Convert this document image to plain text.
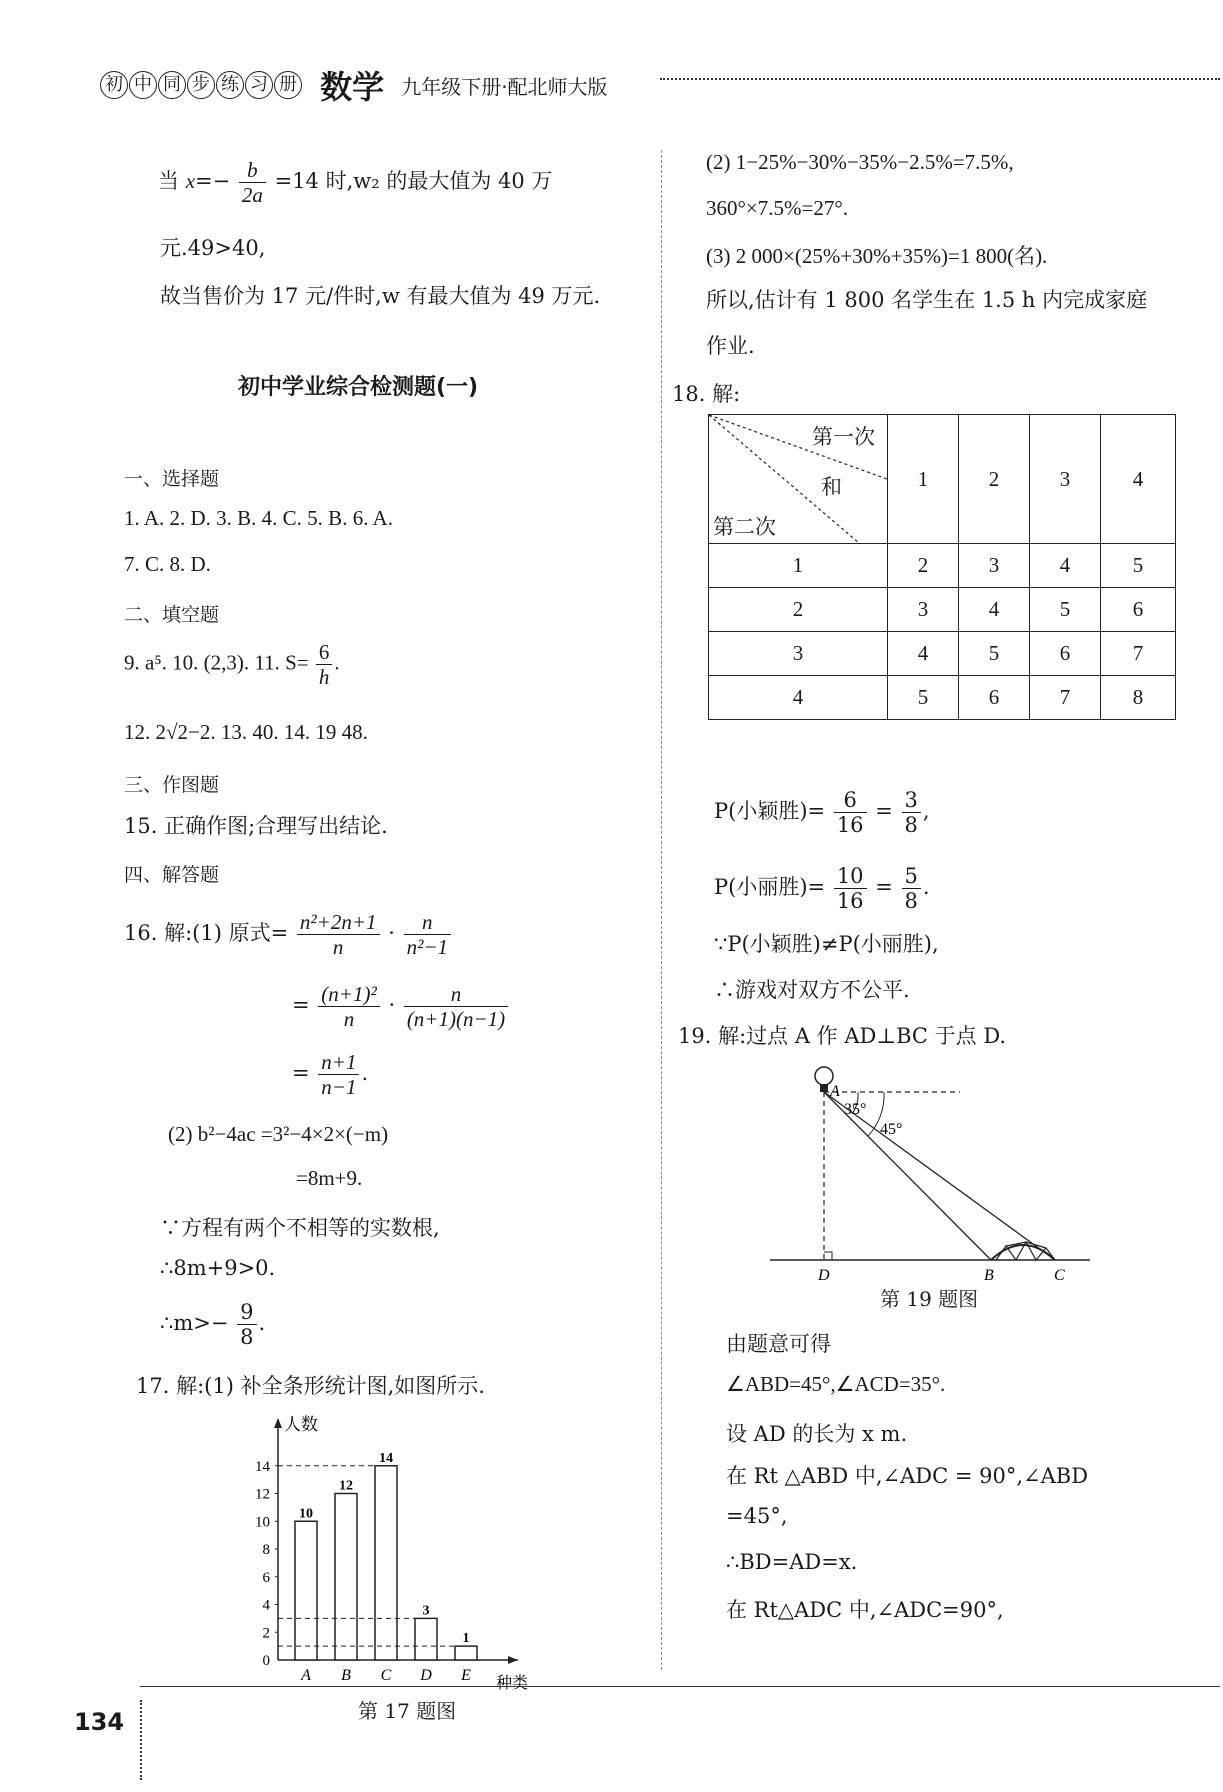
初 中 同 步 练 习 册 数学 九年级下册·配北师大版
当 $x=- \frac{b}{2a} =14$ 时,w₂ 的最大值为 40 万
元.49>40,
故当售价为 17 元/件时,w 有最大值为 49 万元.
初中学业综合检测题(一)
一、选择题
1. A. 2. D. 3. B. 4. C. 5. B. 6. A.
7. C. 8. D.
二、填空题
9. a⁵. 10. (2,3). 11. $S= \frac{6}{h}$ .
12. 2√2−2. 13. 40. 14. 19 48.
三、作图题
15. 正确作图;合理写出结论.
四、解答题
16. 解:(1) 原式= $\frac{\text{n²+2n+1}}{n} \cdot \frac{n}{\text{n²−1}}$
= $\frac{\text{(n+1)²}}{n} \cdot \frac{n}{(n+1)(n-1)}$
= $\frac{n+1}{n-1}$ .
(2) b²−4ac =3²−4×2×(−m)
=8m+9.
∵方程有两个不相等的实数根,
∴8m+9>0.
∴m>− $\frac{9}{8}$ .
17. 解:(1) 补全条形统计图,如图所示.
人数
种类
0
2
4
6
8
10
12
14
10
A
12
B
14
C
3
D
1
E
第 17 题图
(2) 1−25%−30%−35%−2.5%=7.5%,
360°×7.5%=27°.
(3) 2 000×(25%+30%+35%)=1 800(名).
所以,估计有 1 800 名学生在 1.5 h 内完成家庭
作业.
18. 解:
第一次
和
第二次	1	2	3	4
1	2	3	4	5
2	3	4	5	6
3	4	5	6	7
4	5	6	7	8
P(小颖胜)= $\frac{6}{16} = \frac{3}{8}$ ,
P(小丽胜)= $\frac{10}{16} = \frac{5}{8}$ .
∵P(小颖胜)≠P(小丽胜),
∴游戏对双方不公平.
19. 解:过点 A 作 AD⊥BC 于点 D.
A
35°
45°
D	B	C
第 19 题图
由题意可得
∠ABD=45°,∠ACD=35°.
设 AD 的长为 x m.
在 Rt △ABD 中,∠ADC = 90°,∠ABD
=45°,
∴BD=AD=x.
在 Rt△ADC 中,∠ADC=90°,
134
